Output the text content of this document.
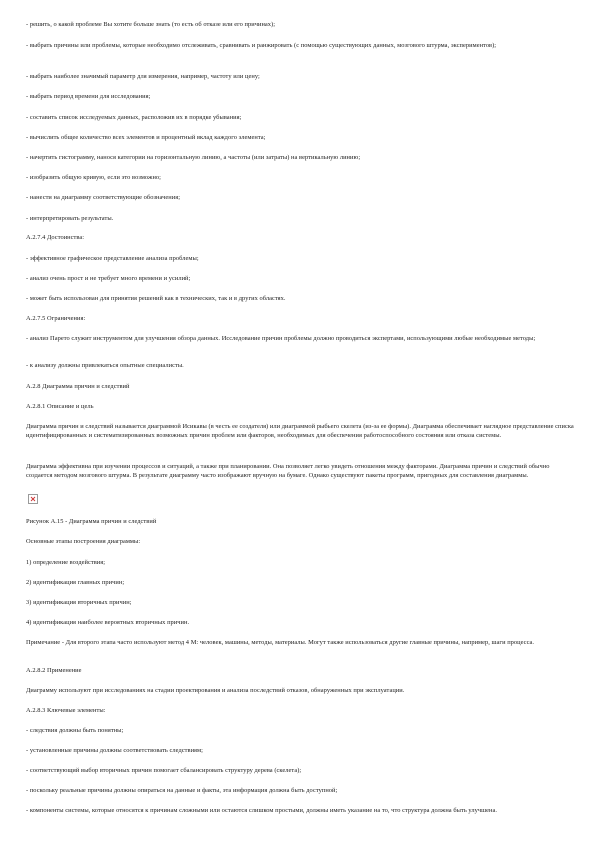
- решить, о какой проблеме Вы хотите больше знать (то есть об отказе или его причинах);
- выбрать причины или проблемы, которые необходимо отслеживать, сравнивать и ранжировать (с помощью существующих данных, мозгового штурма, экспериментов);
- выбрать наиболее значимый параметр для измерения, например, частоту или цену;
- выбрать период времени для исследования;
- составить список исследуемых данных, расположив их в порядке убывания;
- вычислить общее количество всех элементов и процентный вклад каждого элемента;
- начертить гистограмму, нанося категории на горизонтальную линию, а частоты (или затраты) на вертикальную линию;
- изобразить общую кривую, если это возможно;
- нанести на диаграмму соответствующие обозначения;
- интерпретировать результаты.
А.2.7.4 Достоинства:
- эффективное графическое представление анализа проблемы;
- анализ очень прост и не требует много времени и усилий;
- может быть использован для принятия решений как в технических, так и в других областях.
А.2.7.5 Ограничения:
- анализ Парето служит инструментом для улучшения обзора данных. Исследование причин проблемы должно проводиться экспертами, использующими любые необходимые методы;
- к анализу должны привлекаться опытные специалисты.
А.2.8 Диаграмма причин и следствий
А.2.8.1 Описание и цель
Диаграмма причин и следствий называется диаграммой Исикавы (в честь ее создателя) или диаграммой рыбьего скелета (из-за ее формы). Диаграмма обеспечивает наглядное представление списка идентифицированных и систематизированных возможных причин проблем или факторов, необходимых для обеспечения работоспособного состояния или отказа системы.
Диаграмма эффективна при изучении процессов и ситуаций, а также при планировании. Она позволяет легко увидеть отношения между факторами. Диаграмма причин и следствий обычно создается методом мозгового штурма. В результате диаграмму часто изображают вручную на бумаге. Однако существуют пакеты программ, пригодных для составления диаграммы.
Рисунок А.15 - Диаграмма причин и следствий
Основные этапы построения диаграммы:
1) определение воздействия;
2) идентификация главных причин;
3) идентификация вторичных причин;
4) идентификация наиболее вероятных вторичных причин.
Примечание - Для второго этапа часто используют метод 4 М: человек, машины, методы, материалы. Могут также использоваться другие главные причины, например, шаги процесса.
А.2.8.2 Применение
Диаграмму используют при исследованиях на стадии проектирования и анализа последствий отказов, обнаруженных при эксплуатации.
А.2.8.3 Ключевые элементы:
- следствия должны быть понятны;
- установленные причины должны соответствовать следствиям;
- соответствующий выбор вторичных причин помогает сбалансировать структуру дерева (скелета);
- поскольку реальные причины должны опираться на данные и факты, эта информация должна быть доступной;
- компоненты системы, которые относятся к причинам сложными или остаются слишком простыми, должны иметь указание на то, что структура должна быть улучшена.
